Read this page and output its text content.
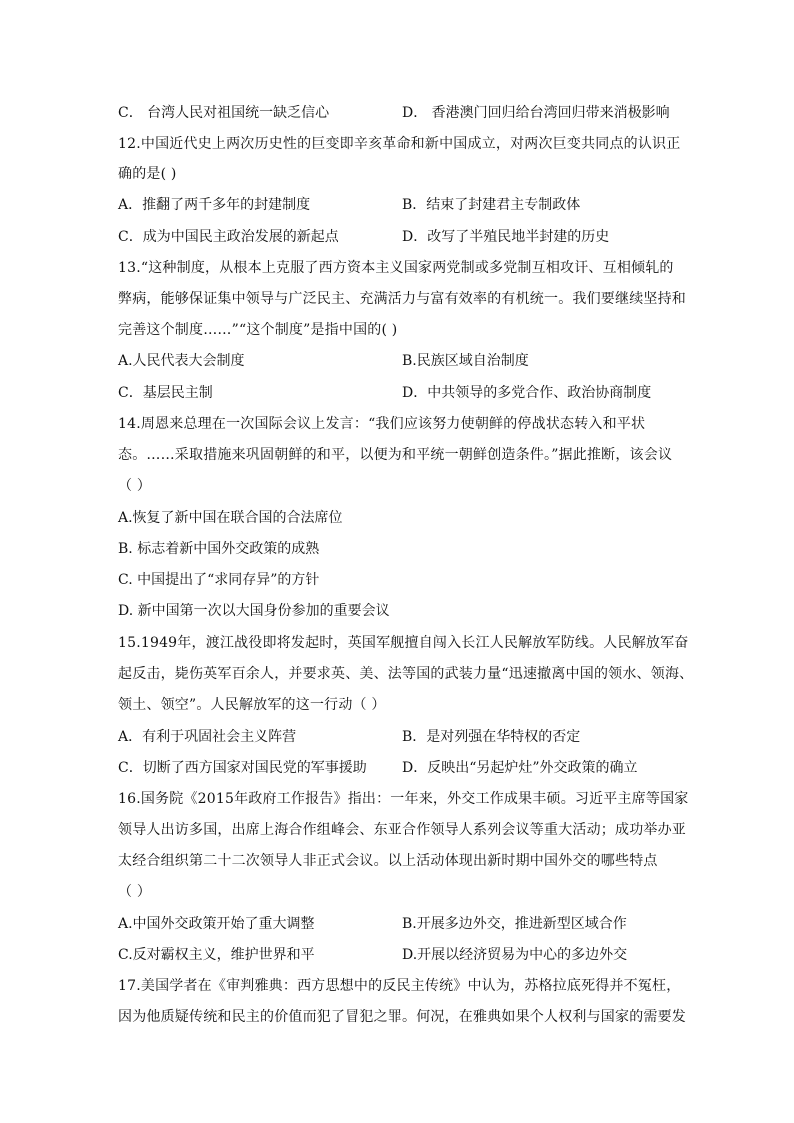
C． 台湾人民对祖国统一缺乏信心	D． 香港澳门回归给台湾回归带来消极影响
12.中国近代史上两次历史性的巨变即辛亥革命和新中国成立，对两次巨变共同点的认识正
确的是( )
A．推翻了两千多年的封建制度	B．结束了封建君主专制政体
C．成为中国民主政治发展的新起点	D．改写了半殖民地半封建的历史
13.“这种制度，从根本上克服了西方资本主义国家两党制或多党制互相攻讦、互相倾轧的
弊病，能够保证集中领导与广泛民主、充满活力与富有效率的有机统一。我们要继续坚持和
完善这个制度……”“这个制度”是指中国的( )
A.人民代表大会制度	B.民族区域自治制度
C．基层民主制	D．中共领导的多党合作、政治协商制度
14.周恩来总理在一次国际会议上发言：“我们应该努力使朝鲜的停战状态转入和平状
态。……采取措施来巩固朝鲜的和平，以便为和平统一朝鲜创造条件。”据此推断，该会议
（ ）
A.恢复了新中国在联合国的合法席位
B. 标志着新中国外交政策的成熟
C. 中国提出了“求同存异”的方针
D. 新中国第一次以大国身份参加的重要会议
15.1949年，渡江战役即将发起时，英国军舰擅自闯入长江人民解放军防线。人民解放军奋
起反击，毙伤英军百余人，并要求英、美、法等国的武装力量“迅速撤离中国的领水、领海、
领土、领空”。人民解放军的这一行动（ ）
A．有利于巩固社会主义阵营	B．是对列强在华特权的否定
C．切断了西方国家对国民党的军事援助	D．反映出“另起炉灶”外交政策的确立
16.国务院《2015年政府工作报告》指出：一年来，外交工作成果丰硕。习近平主席等国家
领导人出访多国，出席上海合作组峰会、东亚合作领导人系列会议等重大活动；成功举办亚
太经合组织第二十二次领导人非正式会议。以上活动体现出新时期中国外交的哪些特点
（ ）
A.中国外交政策开始了重大调整	B.开展多边外交，推进新型区域合作
C.反对霸权主义，维护世界和平	D.开展以经济贸易为中心的多边外交
17.美国学者在《审判雅典：西方思想中的反民主传统》中认为，苏格拉底死得并不冤枉，
因为他质疑传统和民主的价值而犯了冒犯之罪。何况，在雅典如果个人权利与国家的需要发
